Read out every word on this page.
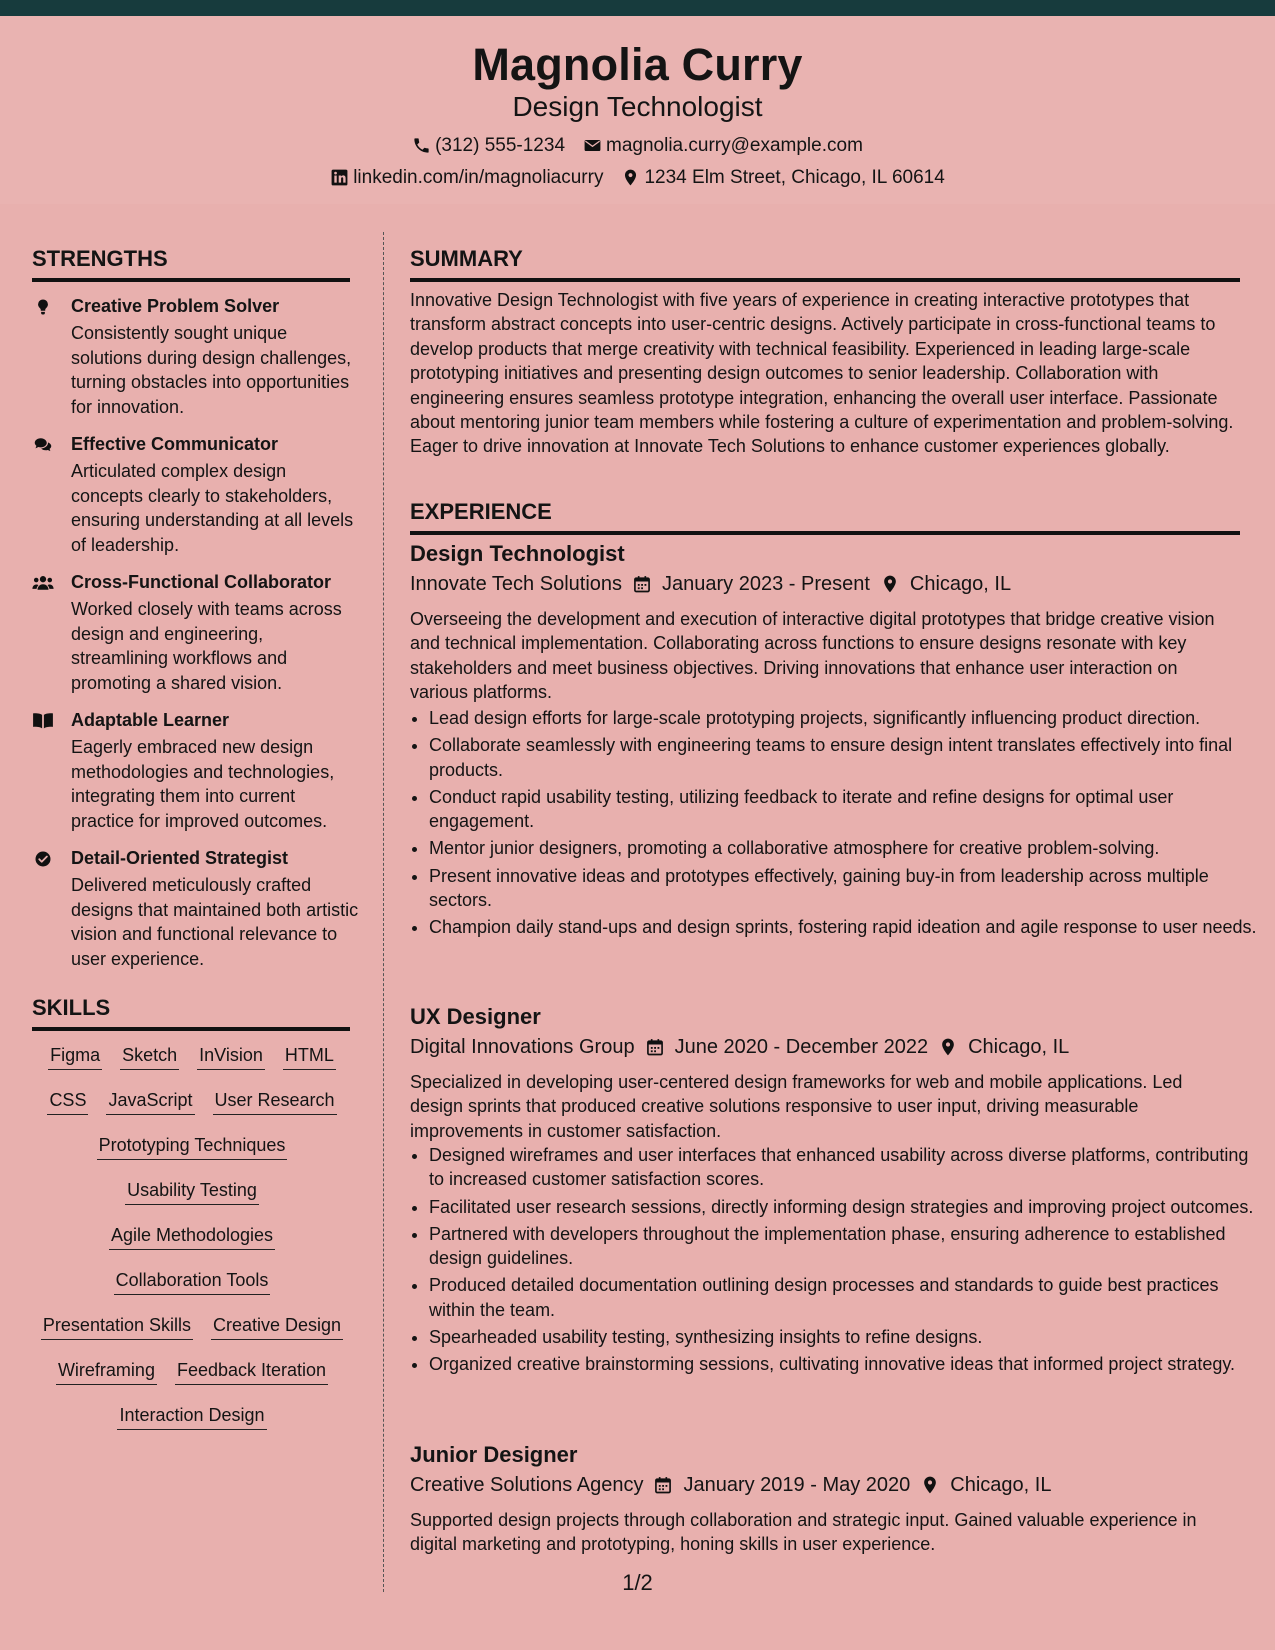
Magnolia Curry
Design Technologist
(312) 555-1234 magnolia.curry@example.com
linkedin.com/in/magnoliacurry 1234 Elm Street, Chicago, IL 60614
STRENGTHS
Creative Problem Solver
Consistently sought unique solutions during design challenges, turning obstacles into opportunities for innovation.
Effective Communicator
Articulated complex design concepts clearly to stakeholders, ensuring understanding at all levels of leadership.
Cross-Functional Collaborator
Worked closely with teams across design and engineering, streamlining workflows and promoting a shared vision.
Adaptable Learner
Eagerly embraced new design methodologies and technologies, integrating them into current practice for improved outcomes.
Detail-Oriented Strategist
Delivered meticulously crafted designs that maintained both artistic vision and functional relevance to user experience.
SKILLS
Figma Sketch InVision HTML
CSS JavaScript User Research
Prototyping Techniques
Usability Testing
Agile Methodologies
Collaboration Tools
Presentation Skills Creative Design
Wireframing Feedback Iteration
Interaction Design
SUMMARY
Innovative Design Technologist with five years of experience in creating interactive prototypes that transform abstract concepts into user-centric designs. Actively participate in cross-functional teams to develop products that merge creativity with technical feasibility. Experienced in leading large-scale prototyping initiatives and presenting design outcomes to senior leadership. Collaboration with engineering ensures seamless prototype integration, enhancing the overall user interface. Passionate about mentoring junior team members while fostering a culture of experimentation and problem-solving. Eager to drive innovation at Innovate Tech Solutions to enhance customer experiences globally.
EXPERIENCE
Design Technologist
Innovate Tech Solutions January 2023 - Present Chicago, IL
Overseeing the development and execution of interactive digital prototypes that bridge creative vision and technical implementation. Collaborating across functions to ensure designs resonate with key stakeholders and meet business objectives. Driving innovations that enhance user interaction on various platforms.
• Lead design efforts for large-scale prototyping projects, significantly influencing product direction.
• Collaborate seamlessly with engineering teams to ensure design intent translates effectively into final products.
• Conduct rapid usability testing, utilizing feedback to iterate and refine designs for optimal user engagement.
• Mentor junior designers, promoting a collaborative atmosphere for creative problem-solving.
• Present innovative ideas and prototypes effectively, gaining buy-in from leadership across multiple sectors.
• Champion daily stand-ups and design sprints, fostering rapid ideation and agile response to user needs.
UX Designer
Digital Innovations Group June 2020 - December 2022 Chicago, IL
Specialized in developing user-centered design frameworks for web and mobile applications. Led design sprints that produced creative solutions responsive to user input, driving measurable improvements in customer satisfaction.
• Designed wireframes and user interfaces that enhanced usability across diverse platforms, contributing to increased customer satisfaction scores.
• Facilitated user research sessions, directly informing design strategies and improving project outcomes.
• Partnered with developers throughout the implementation phase, ensuring adherence to established design guidelines.
• Produced detailed documentation outlining design processes and standards to guide best practices within the team.
• Spearheaded usability testing, synthesizing insights to refine designs.
• Organized creative brainstorming sessions, cultivating innovative ideas that informed project strategy.
Junior Designer
Creative Solutions Agency January 2019 - May 2020 Chicago, IL
Supported design projects through collaboration and strategic input. Gained valuable experience in digital marketing and prototyping, honing skills in user experience.
1/2
